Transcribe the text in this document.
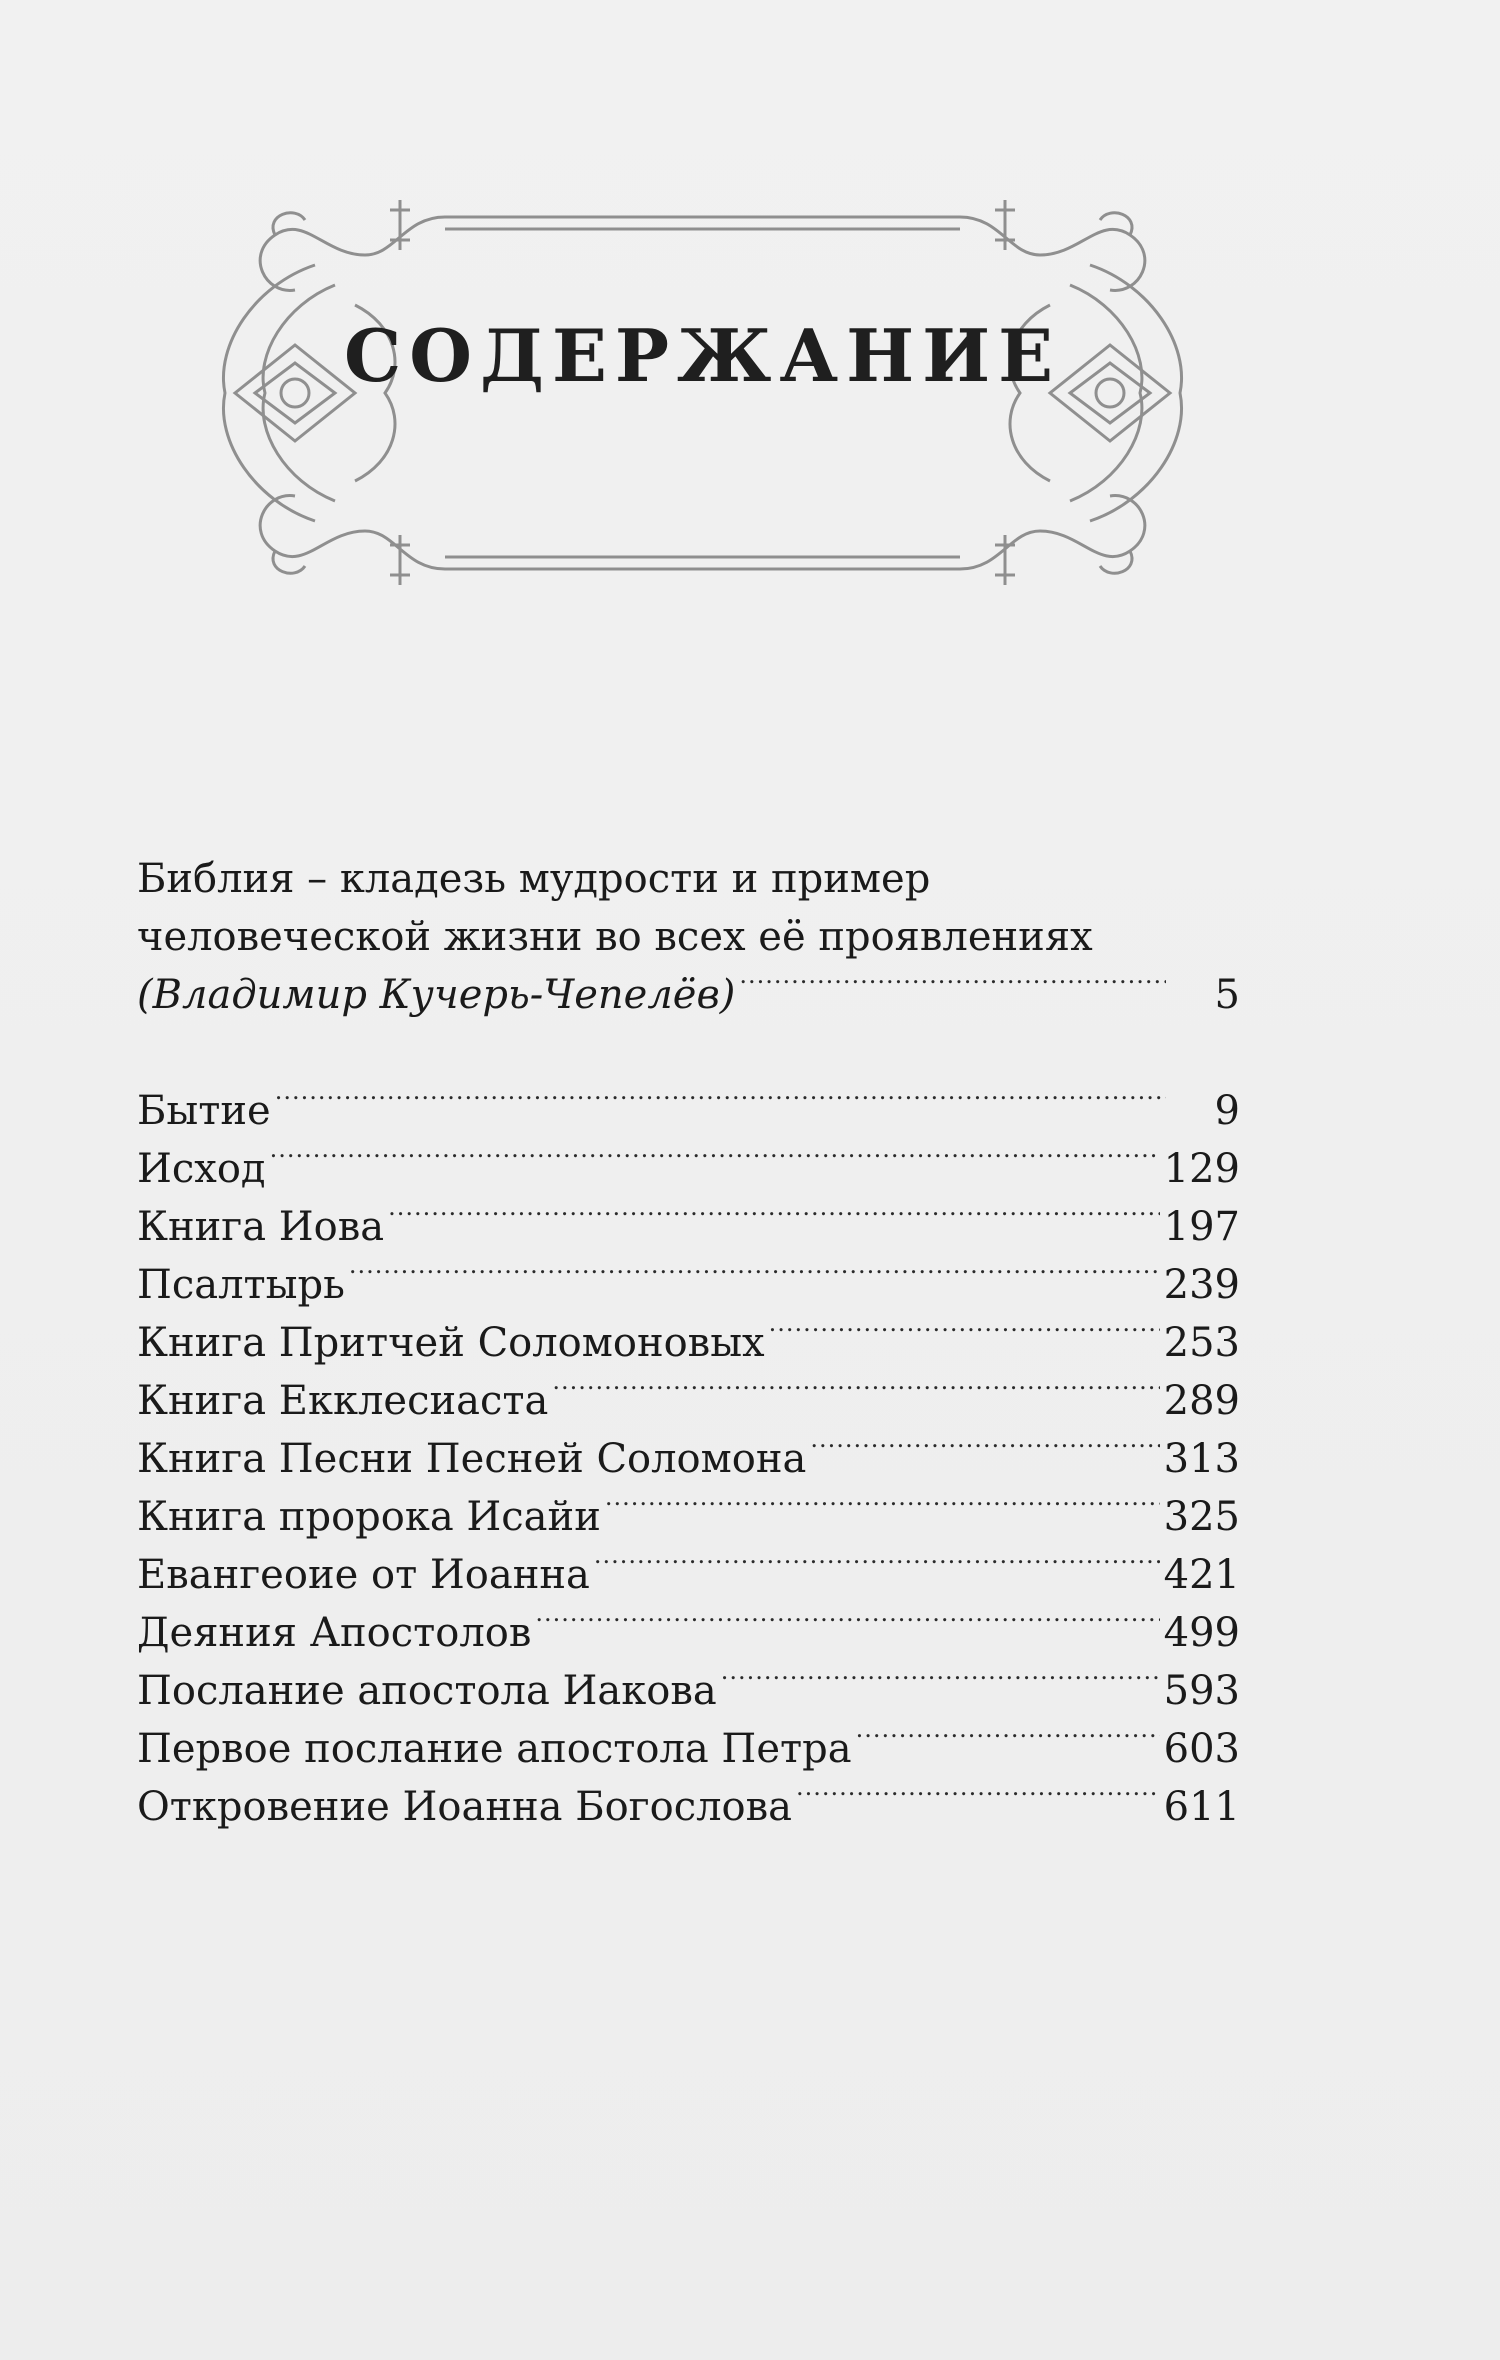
СОДЕРЖАНИЕ
Библия – кладезь мудрости и пример
человеческой жизни во всех её проявлениях
(Владимир Кучерь-Чепелёв) .....	5
Бытие .....	9
Исход .....	129
Книга Иова .....	197
Псалтырь .....	239
Книга Притчей Соломоновых .....	253
Книга Екклесиаста .....	289
Книга Песни Песней Соломона .....	313
Книга пророка Исайи .....	325
Евангеоие от Иоанна .....	421
Деяния Апостолов .....	499
Послание апостола Иакова .....	593
Первое послание апостола Петра .....	603
Откровение Иоанна Богослова .....	611
